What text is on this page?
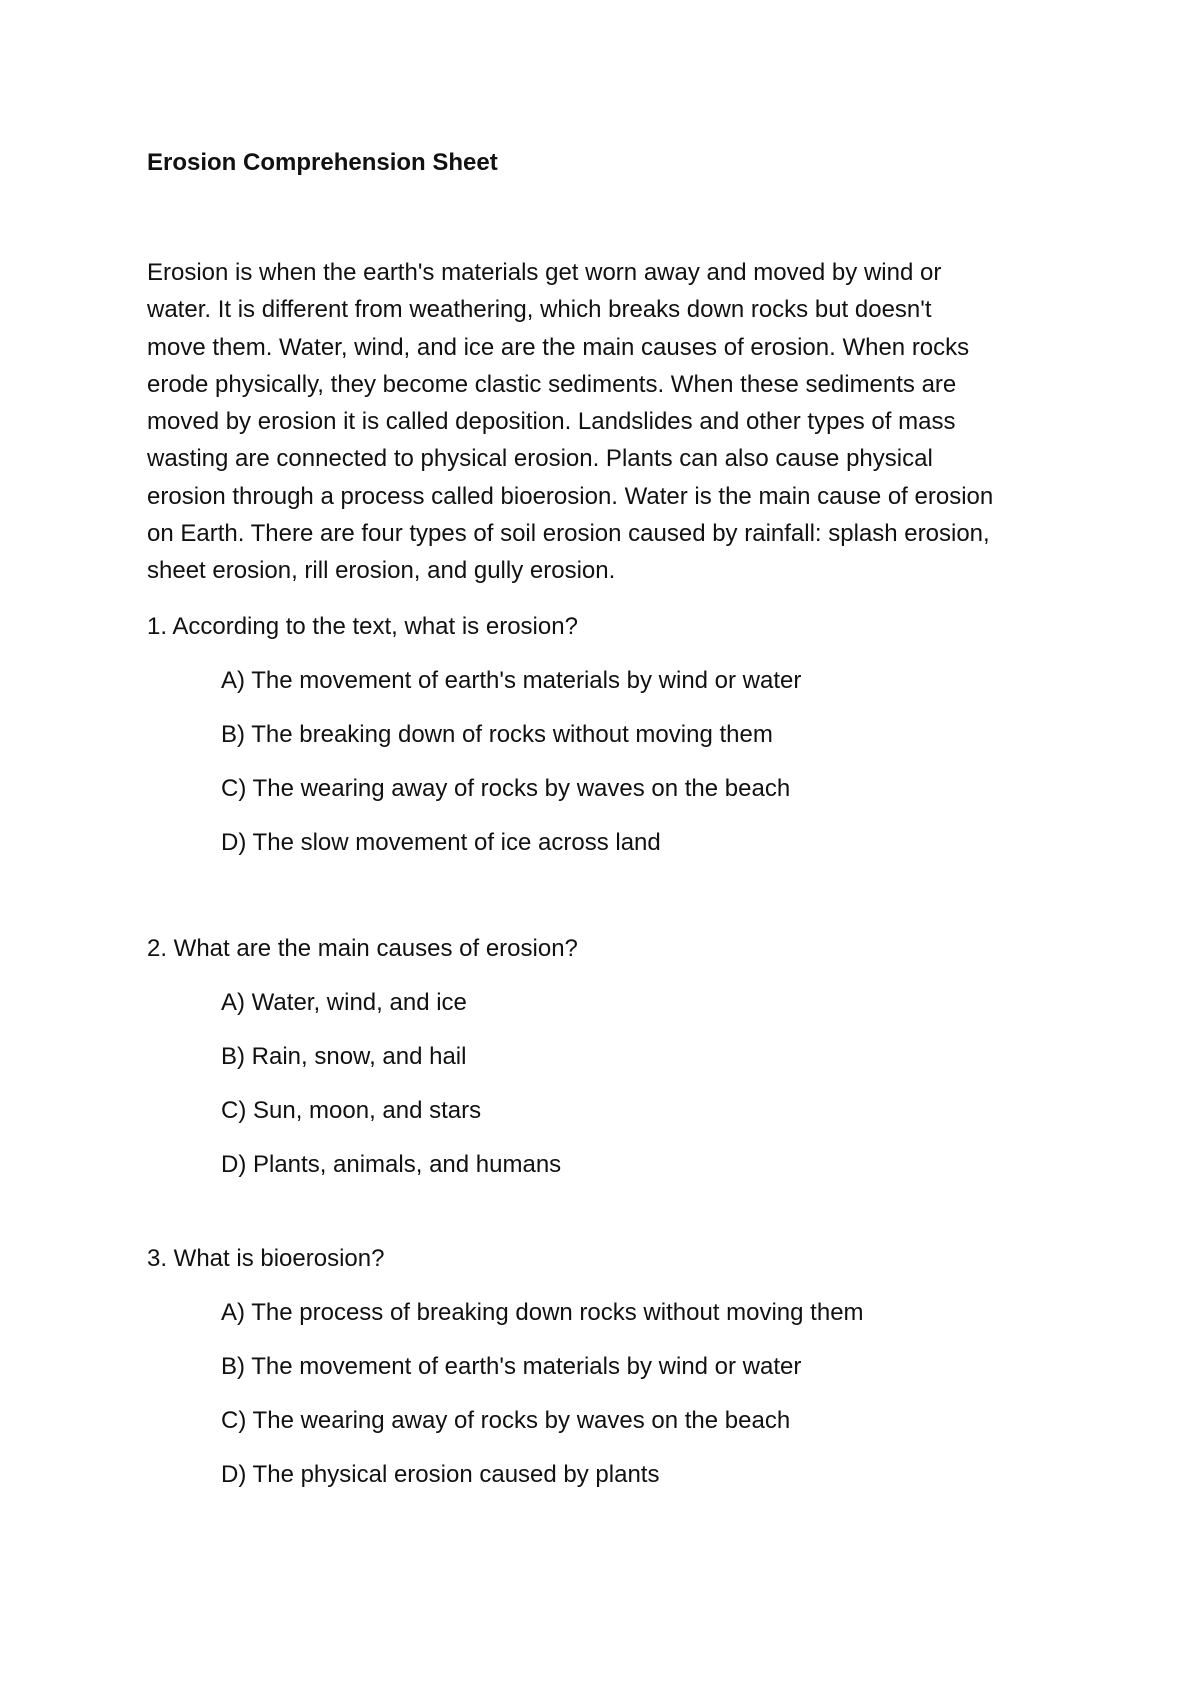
Erosion Comprehension Sheet
Erosion is when the earth's materials get worn away and moved by wind or
water. It is different from weathering, which breaks down rocks but doesn't
move them. Water, wind, and ice are the main causes of erosion. When rocks
erode physically, they become clastic sediments. When these sediments are
moved by erosion it is called deposition. Landslides and other types of mass
wasting are connected to physical erosion. Plants can also cause physical
erosion through a process called bioerosion. Water is the main cause of erosion
on Earth. There are four types of soil erosion caused by rainfall: splash erosion,
sheet erosion, rill erosion, and gully erosion.
1. According to the text, what is erosion?
A) The movement of earth's materials by wind or water
B) The breaking down of rocks without moving them
C) The wearing away of rocks by waves on the beach
D) The slow movement of ice across land
2. What are the main causes of erosion?
A) Water, wind, and ice
B) Rain, snow, and hail
C) Sun, moon, and stars
D) Plants, animals, and humans
3. What is bioerosion?
A) The process of breaking down rocks without moving them
B) The movement of earth's materials by wind or water
C) The wearing away of rocks by waves on the beach
D) The physical erosion caused by plants
